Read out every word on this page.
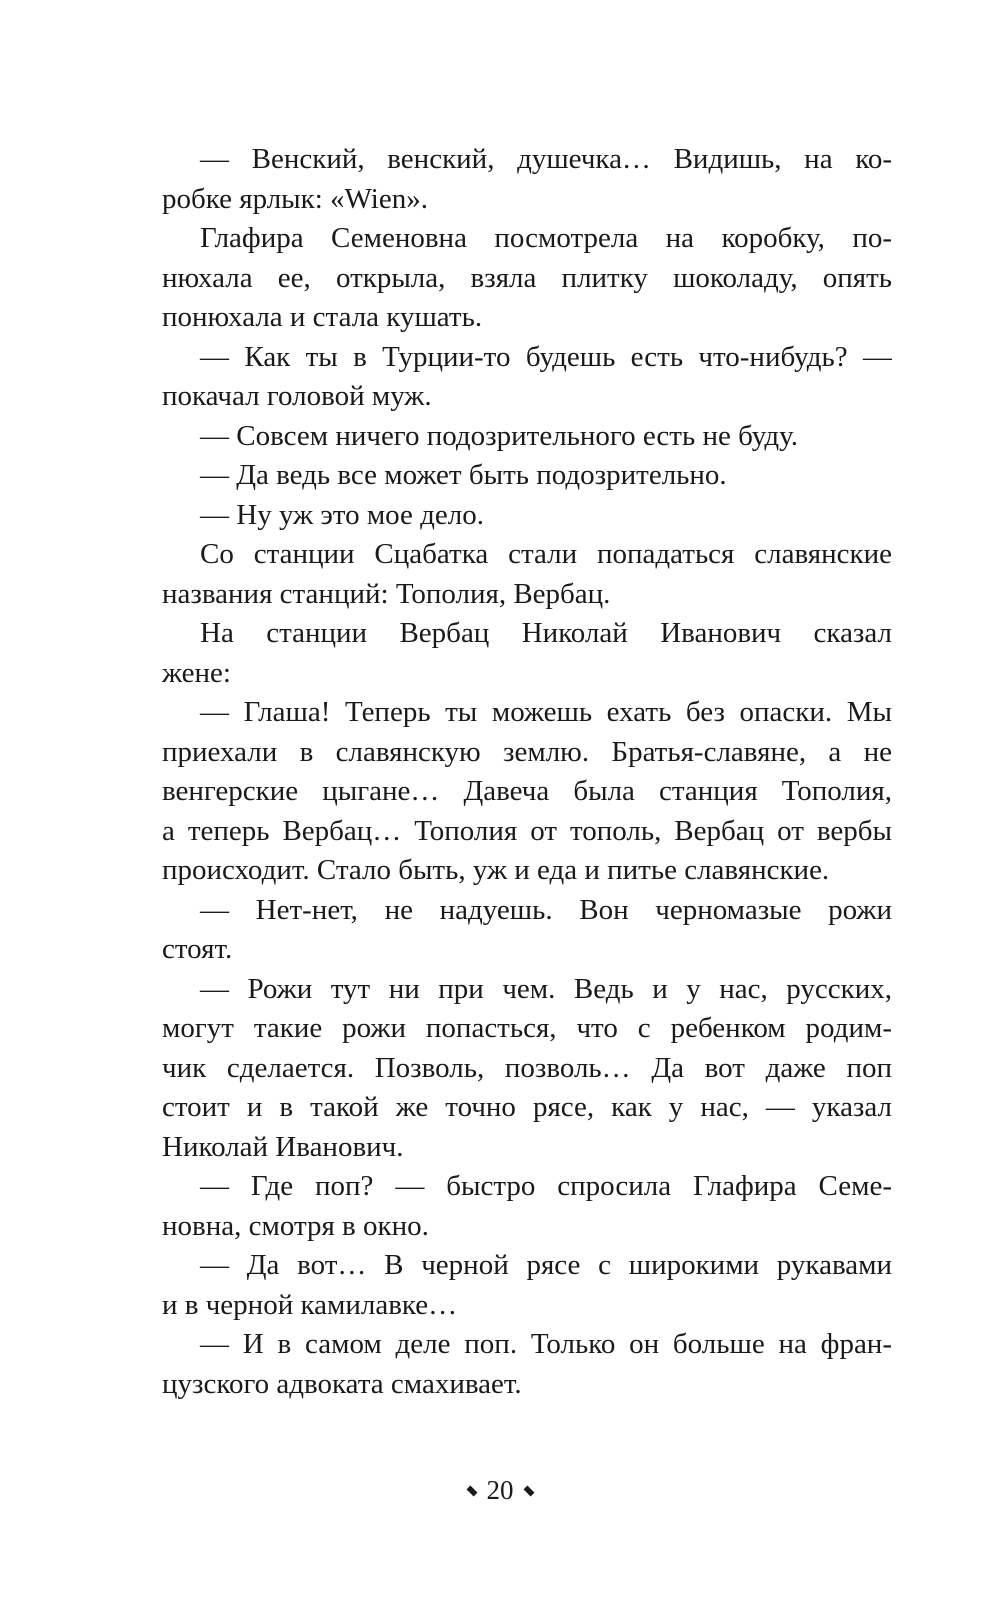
— Венский, венский, душечка… Видишь, на ко-
робке ярлык: «Wien».
Глафира Семеновна посмотрела на коробку, по-
нюхала ее, открыла, взяла плитку шоколаду, опять
понюхала и стала кушать.
— Как ты в Турции-то будешь есть что-нибудь? —
покачал головой муж.
— Совсем ничего подозрительного есть не буду.
— Да ведь все может быть подозрительно.
— Ну уж это мое дело.
Со станции Сцабатка стали попадаться славянские
названия станций: Тополия, Вербац.
На станции Вербац Николай Иванович сказал
жене:
— Глаша! Теперь ты можешь ехать без опаски. Мы
приехали в славянскую землю. Братья-славяне, а не
венгерские цыгане… Давеча была станция Тополия,
а теперь Вербац… Тополия от тополь, Вербац от вербы
происходит. Стало быть, уж и еда и питье славянские.
— Нет-нет, не надуешь. Вон черномазые рожи
стоят.
— Рожи тут ни при чем. Ведь и у нас, русских,
могут такие рожи попасться, что с ребенком родим-
чик сделается. Позволь, позволь… Да вот даже поп
стоит и в такой же точно рясе, как у нас, — указал
Николай Иванович.
— Где поп? — быстро спросила Глафира Семе-
новна, смотря в окно.
— Да вот… В черной рясе с широкими рукавами
и в черной камилавке…
— И в самом деле поп. Только он больше на фран-
цузского адвоката смахивает.
20
